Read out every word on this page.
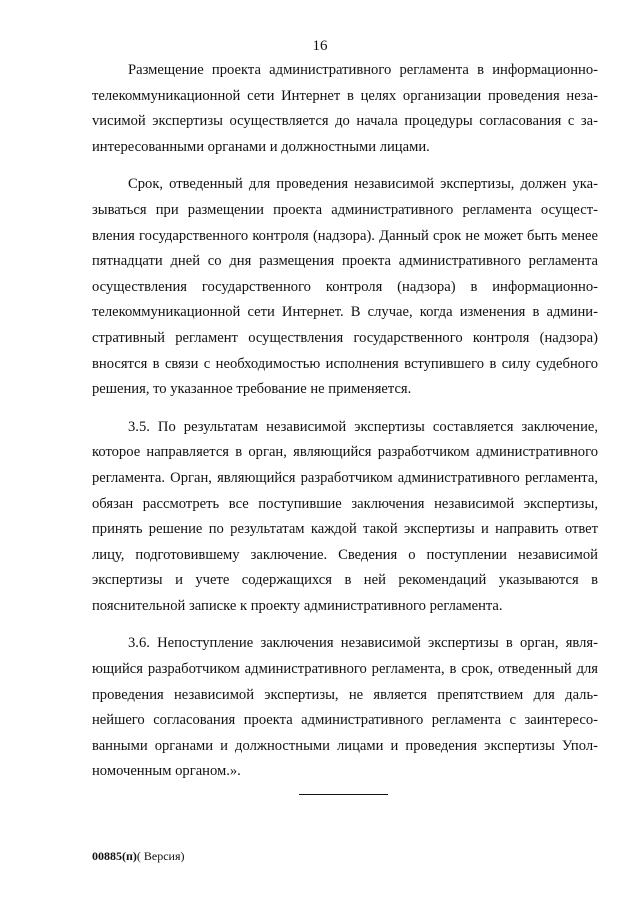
16

Размещение проекта административного регламента в информационно-телекоммуникационной сети Интернет в целях организации проведения незаvисимой экспертизы осуществляется до начала процедуры согласования с заинтересованными органами и должностными лицами.

Срок, отведенный для проведения независимой экспертизы, должен указываться при размещении проекта административного регламента осуществления государственного контроля (надзора). Данный срок не может быть менее пятнадцати дней со дня размещения проекта административного регламента осуществления государственного контроля (надзора) в информационно-телекоммуникационной сети Интернет. В случае, когда изменения в административный регламент осуществления государственного контроля (надзора) вносятся в связи с необходимостью исполнения вступившего в силу судебного решения, то указанное требование не применяется.

3.5. По результатам независимой экспертизы составляется заключение, которое направляется в орган, являющийся разработчиком административного регламента. Орган, являющийся разработчиком административного регламента, обязан рассмотреть все поступившие заключения независимой экспертизы, принять решение по результатам каждой такой экспертизы и направить ответ лицу, подготовившему заключение. Сведения о поступлении независимой экспертизы и учете содержащихся в ней рекомендаций указываются в пояснительной записке к проекту административного регламента.

3.6. Непоступление заключения независимой экспертизы в орган, являющийся разработчиком административного регламента, в срок, отведенный для проведения независимой экспертизы, не является препятствием для дальнейшего согласования проекта административного регламента с заинтересованными органами и должностными лицами и проведения экспертизы Уполномоченным органом.».

00885(п)( Версия)
